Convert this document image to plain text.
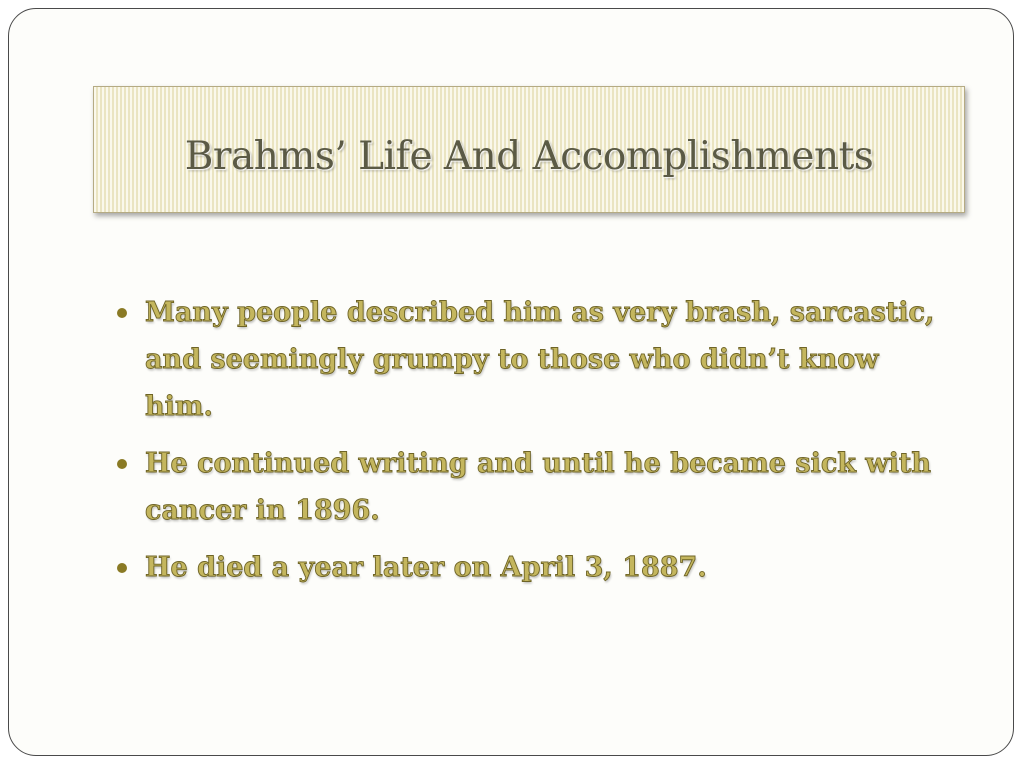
Brahms’ Life And Accomplishments
Many people described him as very brash, sarcastic, and seemingly grumpy to those who didn’t know him.
He continued writing and until he became sick with cancer in 1896.
He died a year later on April 3, 1887.
